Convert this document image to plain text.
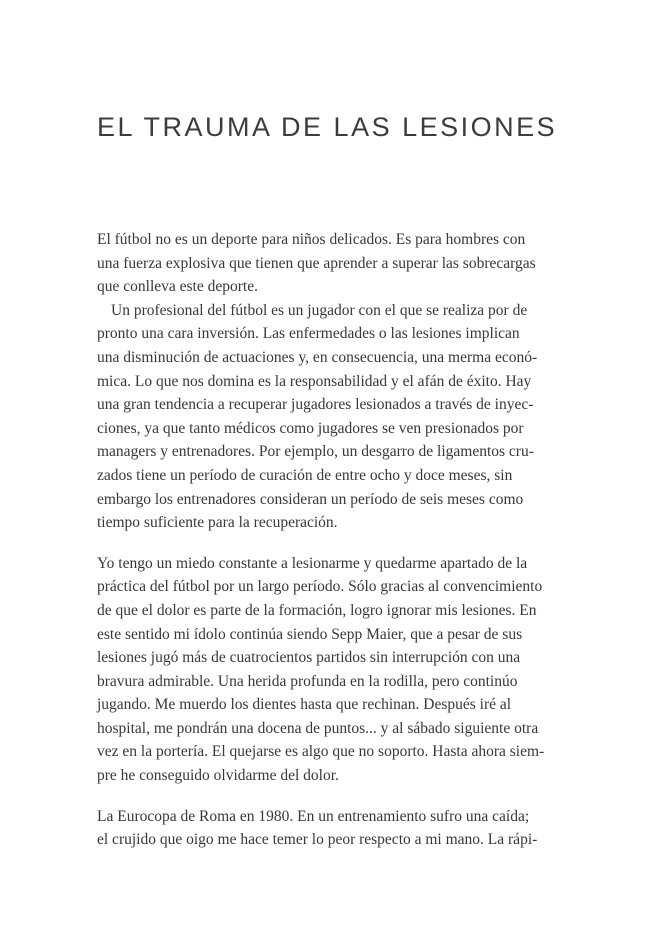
EL TRAUMA DE LAS LESIONES
El fútbol no es un deporte para niños delicados. Es para hombres con
una fuerza explosiva que tienen que aprender a superar las sobrecargas
que conlleva este deporte.
Un profesional del fútbol es un jugador con el que se realiza por de
pronto una cara inversión. Las enfermedades o las lesiones implican
una disminución de actuaciones y, en consecuencia, una merma econó-
mica. Lo que nos domina es la responsabilidad y el afán de éxito. Hay
una gran tendencia a recuperar jugadores lesionados a través de inyec-
ciones, ya que tanto médicos como jugadores se ven presionados por
managers y entrenadores. Por ejemplo, un desgarro de ligamentos cru-
zados tiene un período de curación de entre ocho y doce meses, sin
embargo los entrenadores consideran un período de seis meses como
tiempo suficiente para la recuperación.
Yo tengo un miedo constante a lesionarme y quedarme apartado de la
práctica del fútbol por un largo período. Sólo gracias al convencimiento
de que el dolor es parte de la formación, logro ignorar mis lesiones. En
este sentido mi ídolo continúa siendo Sepp Maier, que a pesar de sus
lesiones jugó más de cuatrocientos partidos sin interrupción con una
bravura admirable. Una herida profunda en la rodilla, pero continúo
jugando. Me muerdo los dientes hasta que rechinan. Después iré al
hospital, me pondrán una docena de puntos... y al sábado siguiente otra
vez en la portería. El quejarse es algo que no soporto. Hasta ahora siem-
pre he conseguido olvidarme del dolor.
La Eurocopa de Roma en 1980. En un entrenamiento sufro una caída;
el crujido que oigo me hace temer lo peor respecto a mi mano. La rápi-
